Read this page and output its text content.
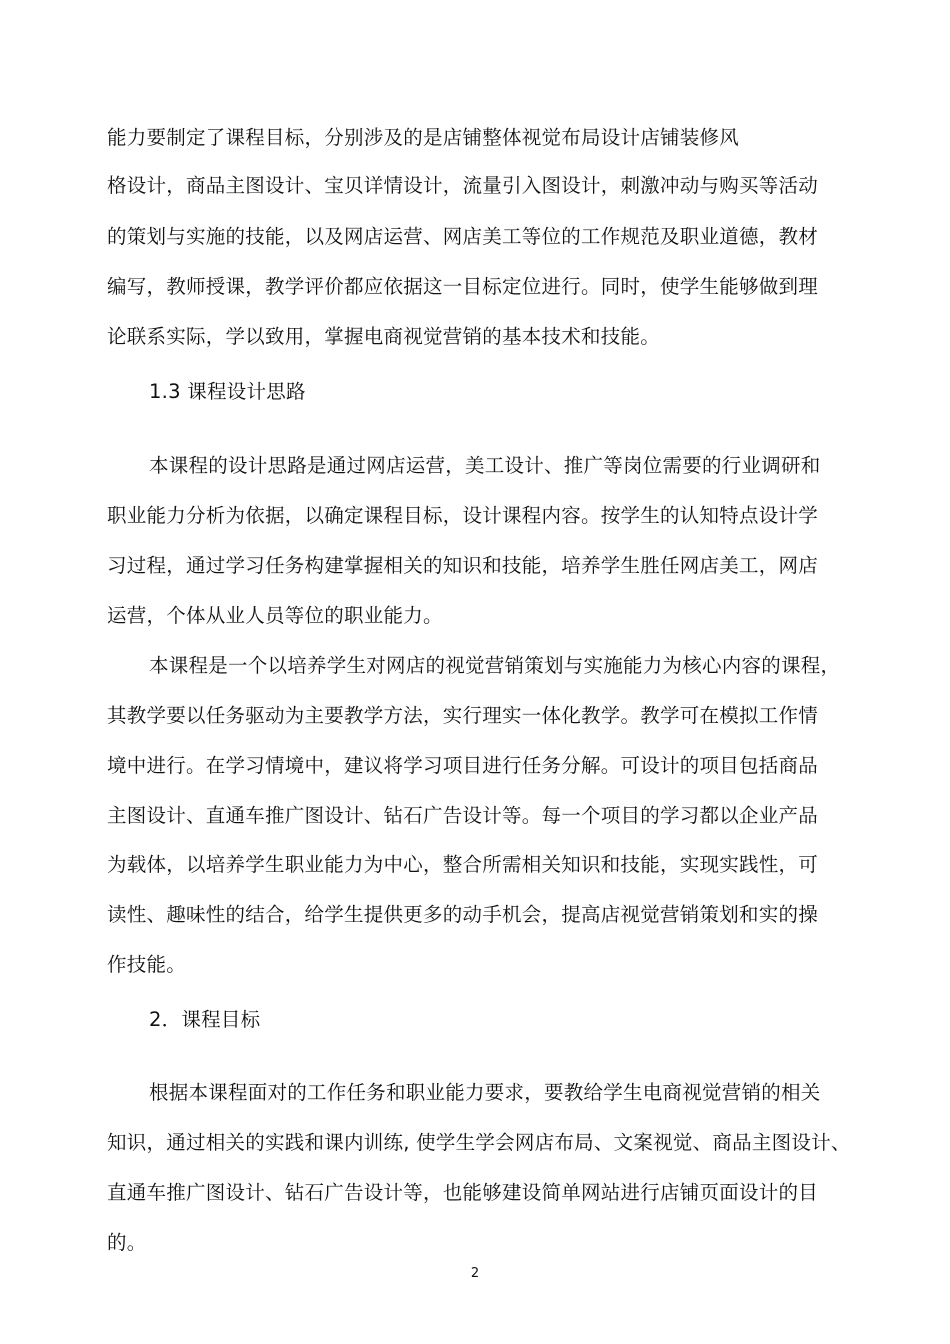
能力要制定了课程目标，分别涉及的是店铺整体视觉布局设计店铺装修风
格设计，商品主图设计、宝贝详情设计，流量引入图设计，刺激冲动与购买等活动
的策划与实施的技能，以及网店运营、网店美工等位的工作规范及职业道德，教材
编写，教师授课，教学评价都应依据这一目标定位进行。同时，使学生能够做到理
论联系实际，学以致用，掌握电商视觉营销的基本技术和技能。
1.3 课程设计思路
本课程的设计思路是通过网店运营，美工设计、推广等岗位需要的行业调研和
职业能力分析为依据，以确定课程目标，设计课程内容。按学生的认知特点设计学
习过程，通过学习任务构建掌握相关的知识和技能，培养学生胜任网店美工，网店
运营，个体从业人员等位的职业能力。
本课程是一个以培养学生对网店的视觉营销策划与实施能力为核心内容的课程，
其教学要以任务驱动为主要教学方法，实行理实一体化教学。教学可在模拟工作情
境中进行。在学习情境中，建议将学习项目进行任务分解。可设计的项目包括商品
主图设计、直通车推广图设计、钻石广告设计等。每一个项目的学习都以企业产品
为载体，以培养学生职业能力为中心，整合所需相关知识和技能，实现实践性，可
读性、趣味性的结合，给学生提供更多的动手机会，提高店视觉营销策划和实的操
作技能。
2．课程目标
根据本课程面对的工作任务和职业能力要求，要教给学生电商视觉营销的相关
知识，通过相关的实践和课内训练, 使学生学会网店布局、文案视觉、商品主图设计、
直通车推广图设计、钻石广告设计等，也能够建设简单网站进行店铺页面设计的目
的。
2
